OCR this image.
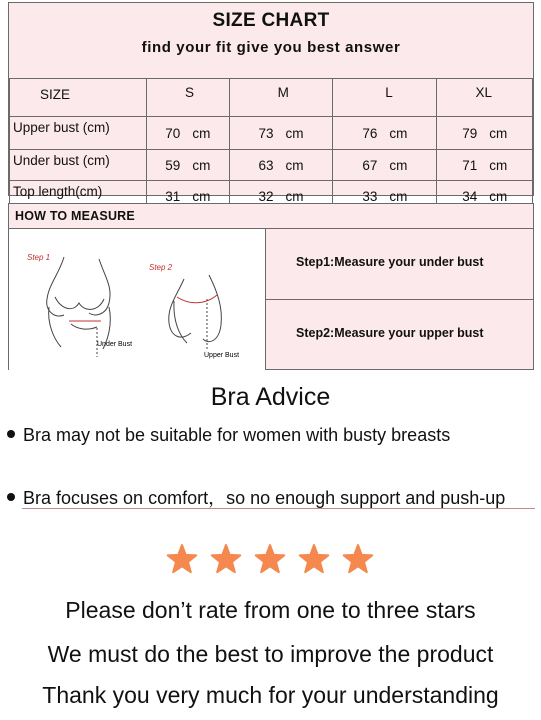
SIZE CHART
find your fit give you best answer
SIZE	S	M	L	XL
Upper bust (cm)	70 cm	73 cm	76 cm	79 cm
Under bust (cm)	59 cm	63 cm	67 cm	71 cm
Top length(cm)	31 cm	32 cm	33 cm	34 cm
HOW TO MEASURE
Step 1
Step 2
Under Bust
Upper Bust
Step1:Measure your under bust
Step2:Measure your upper bust
Bra Advice
Bra may not be suitable for women with busty breasts
Bra focuses on comfort，so no enough support and push-up
Please don’t rate from one to three stars
We must do the best to improve the product
Thank you very much for your understanding
